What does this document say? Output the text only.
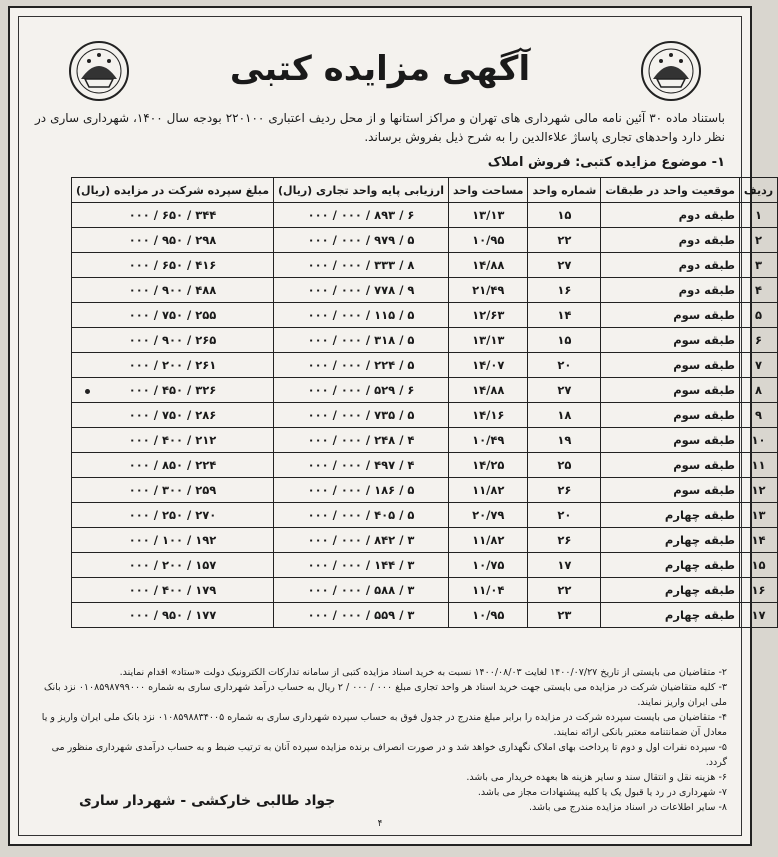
آگهی مزایده کتبی

باستناد ماده ۳۰ آئین نامه مالی شهرداری های تهران و مراکز استانها و از محل ردیف اعتباری ۲۲۰۱۰۰ بودجه سال ۱۴۰۰، شهرداری ساری در نظر دارد واحدهای تجاری پاساژ علاءالدین را به شرح ذیل بفروش برساند.

۱- موضوع مزایده کتبی: فروش املاک
ردیف	موقعیت واحد در طبقات	شماره واحد	مساحت واحد	ارزیابی پایه واحد تجاری (ریال)	مبلغ سپرده شرکت در مزایده (ریال)
۱	طبقه دوم	۱۵	۱۳/۱۳	۰۰۰ / ۰۰۰ / ۸۹۳ / ۶	۰۰۰ / ۶۵۰ / ۳۴۴
۲	طبقه دوم	۲۲	۱۰/۹۵	۰۰۰ / ۰۰۰ / ۹۷۹ / ۵	۰۰۰ / ۹۵۰ / ۲۹۸
۳	طبقه دوم	۲۷	۱۴/۸۸	۰۰۰ / ۰۰۰ / ۳۳۳ / ۸	۰۰۰ / ۶۵۰ / ۴۱۶
۴	طبقه دوم	۱۶	۲۱/۴۹	۰۰۰ / ۰۰۰ / ۷۷۸ / ۹	۰۰۰ / ۹۰۰ / ۴۸۸
۵	طبقه سوم	۱۴	۱۲/۶۳	۰۰۰ / ۰۰۰ / ۱۱۵ / ۵	۰۰۰ / ۷۵۰ / ۲۵۵
۶	طبقه سوم	۱۵	۱۳/۱۳	۰۰۰ / ۰۰۰ / ۳۱۸ / ۵	۰۰۰ / ۹۰۰ / ۲۶۵
۷	طبقه سوم	۲۰	۱۴/۰۷	۰۰۰ / ۰۰۰ / ۲۲۴ / ۵	۰۰۰ / ۲۰۰ / ۲۶۱
۸	طبقه سوم	۲۷	۱۴/۸۸	۰۰۰ / ۰۰۰ / ۵۲۹ / ۶	۰۰۰ / ۴۵۰ / ۳۲۶
۹	طبقه سوم	۱۸	۱۴/۱۶	۰۰۰ / ۰۰۰ / ۷۳۵ / ۵	۰۰۰ / ۷۵۰ / ۲۸۶
۱۰	طبقه سوم	۱۹	۱۰/۴۹	۰۰۰ / ۰۰۰ / ۲۴۸ / ۴	۰۰۰ / ۴۰۰ / ۲۱۲
۱۱	طبقه سوم	۲۵	۱۴/۲۵	۰۰۰ / ۰۰۰ / ۴۹۷ / ۴	۰۰۰ / ۸۵۰ / ۲۲۴
۱۲	طبقه سوم	۲۶	۱۱/۸۲	۰۰۰ / ۰۰۰ / ۱۸۶ / ۵	۰۰۰ / ۳۰۰ / ۲۵۹
۱۳	طبقه چهارم	۲۰	۲۰/۷۹	۰۰۰ / ۰۰۰ / ۴۰۵ / ۵	۰۰۰ / ۲۵۰ / ۲۷۰
۱۴	طبقه چهارم	۲۶	۱۱/۸۲	۰۰۰ / ۰۰۰ / ۸۴۲ / ۳	۰۰۰ / ۱۰۰ / ۱۹۲
۱۵	طبقه چهارم	۱۷	۱۰/۷۵	۰۰۰ / ۰۰۰ / ۱۴۴ / ۳	۰۰۰ / ۲۰۰ / ۱۵۷
۱۶	طبقه چهارم	۲۲	۱۱/۰۴	۰۰۰ / ۰۰۰ / ۵۸۸ / ۳	۰۰۰ / ۴۰۰ / ۱۷۹
۱۷	طبقه چهارم	۲۳	۱۰/۹۵	۰۰۰ / ۰۰۰ / ۵۵۹ / ۳	۰۰۰ / ۹۵۰ / ۱۷۷

۲- متقاضیان می بایستی از تاریخ ۱۴۰۰/۰۷/۲۷ لغایت ۱۴۰۰/۰۸/۰۳ نسبت به خرید اسناد مزایده کتبی از سامانه تدارکات الکترونیک دولت «ستاد» اقدام نمایند.

۳- کلیه متقاضیان شرکت در مزایده می بایستی جهت خرید اسناد هر واحد تجاری مبلغ ۰۰۰ / ۰۰۰ / ۲ ریال به حساب درآمد شهرداری ساری به شماره ۰۱۰۸۵۹۸۷۹۹۰۰۰ نزد بانک ملی ایران واریز نمایند.

۴- متقاضیان می بایست سپرده شرکت در مزایده را برابر مبلغ مندرج در جدول فوق به حساب سپرده شهرداری ساری به شماره ۰۱۰۸۵۹۸۸۳۴۰۰۵ نزد بانک ملی ایران واریز و یا معادل آن ضمانتنامه معتبر بانکی ارائه نمایند.

۵- سپرده نفرات اول و دوم تا پرداخت بهای املاک نگهداری خواهد شد و در صورت انصراف برنده مزایده سپرده آنان به ترتیب ضبط و به حساب درآمدی شهرداری منظور می گردد.

۶- هزینه نقل و انتقال سند و سایر هزینه ها بعهده خریدار می باشد.

۷- شهرداری در رد یا قبول یک یا کلیه پیشنهادات مجاز می باشد.

۸- سایر اطلاعات در اسناد مزایده مندرج می باشد.

جواد طالبی خارکشی - شهردار ساری
۴
